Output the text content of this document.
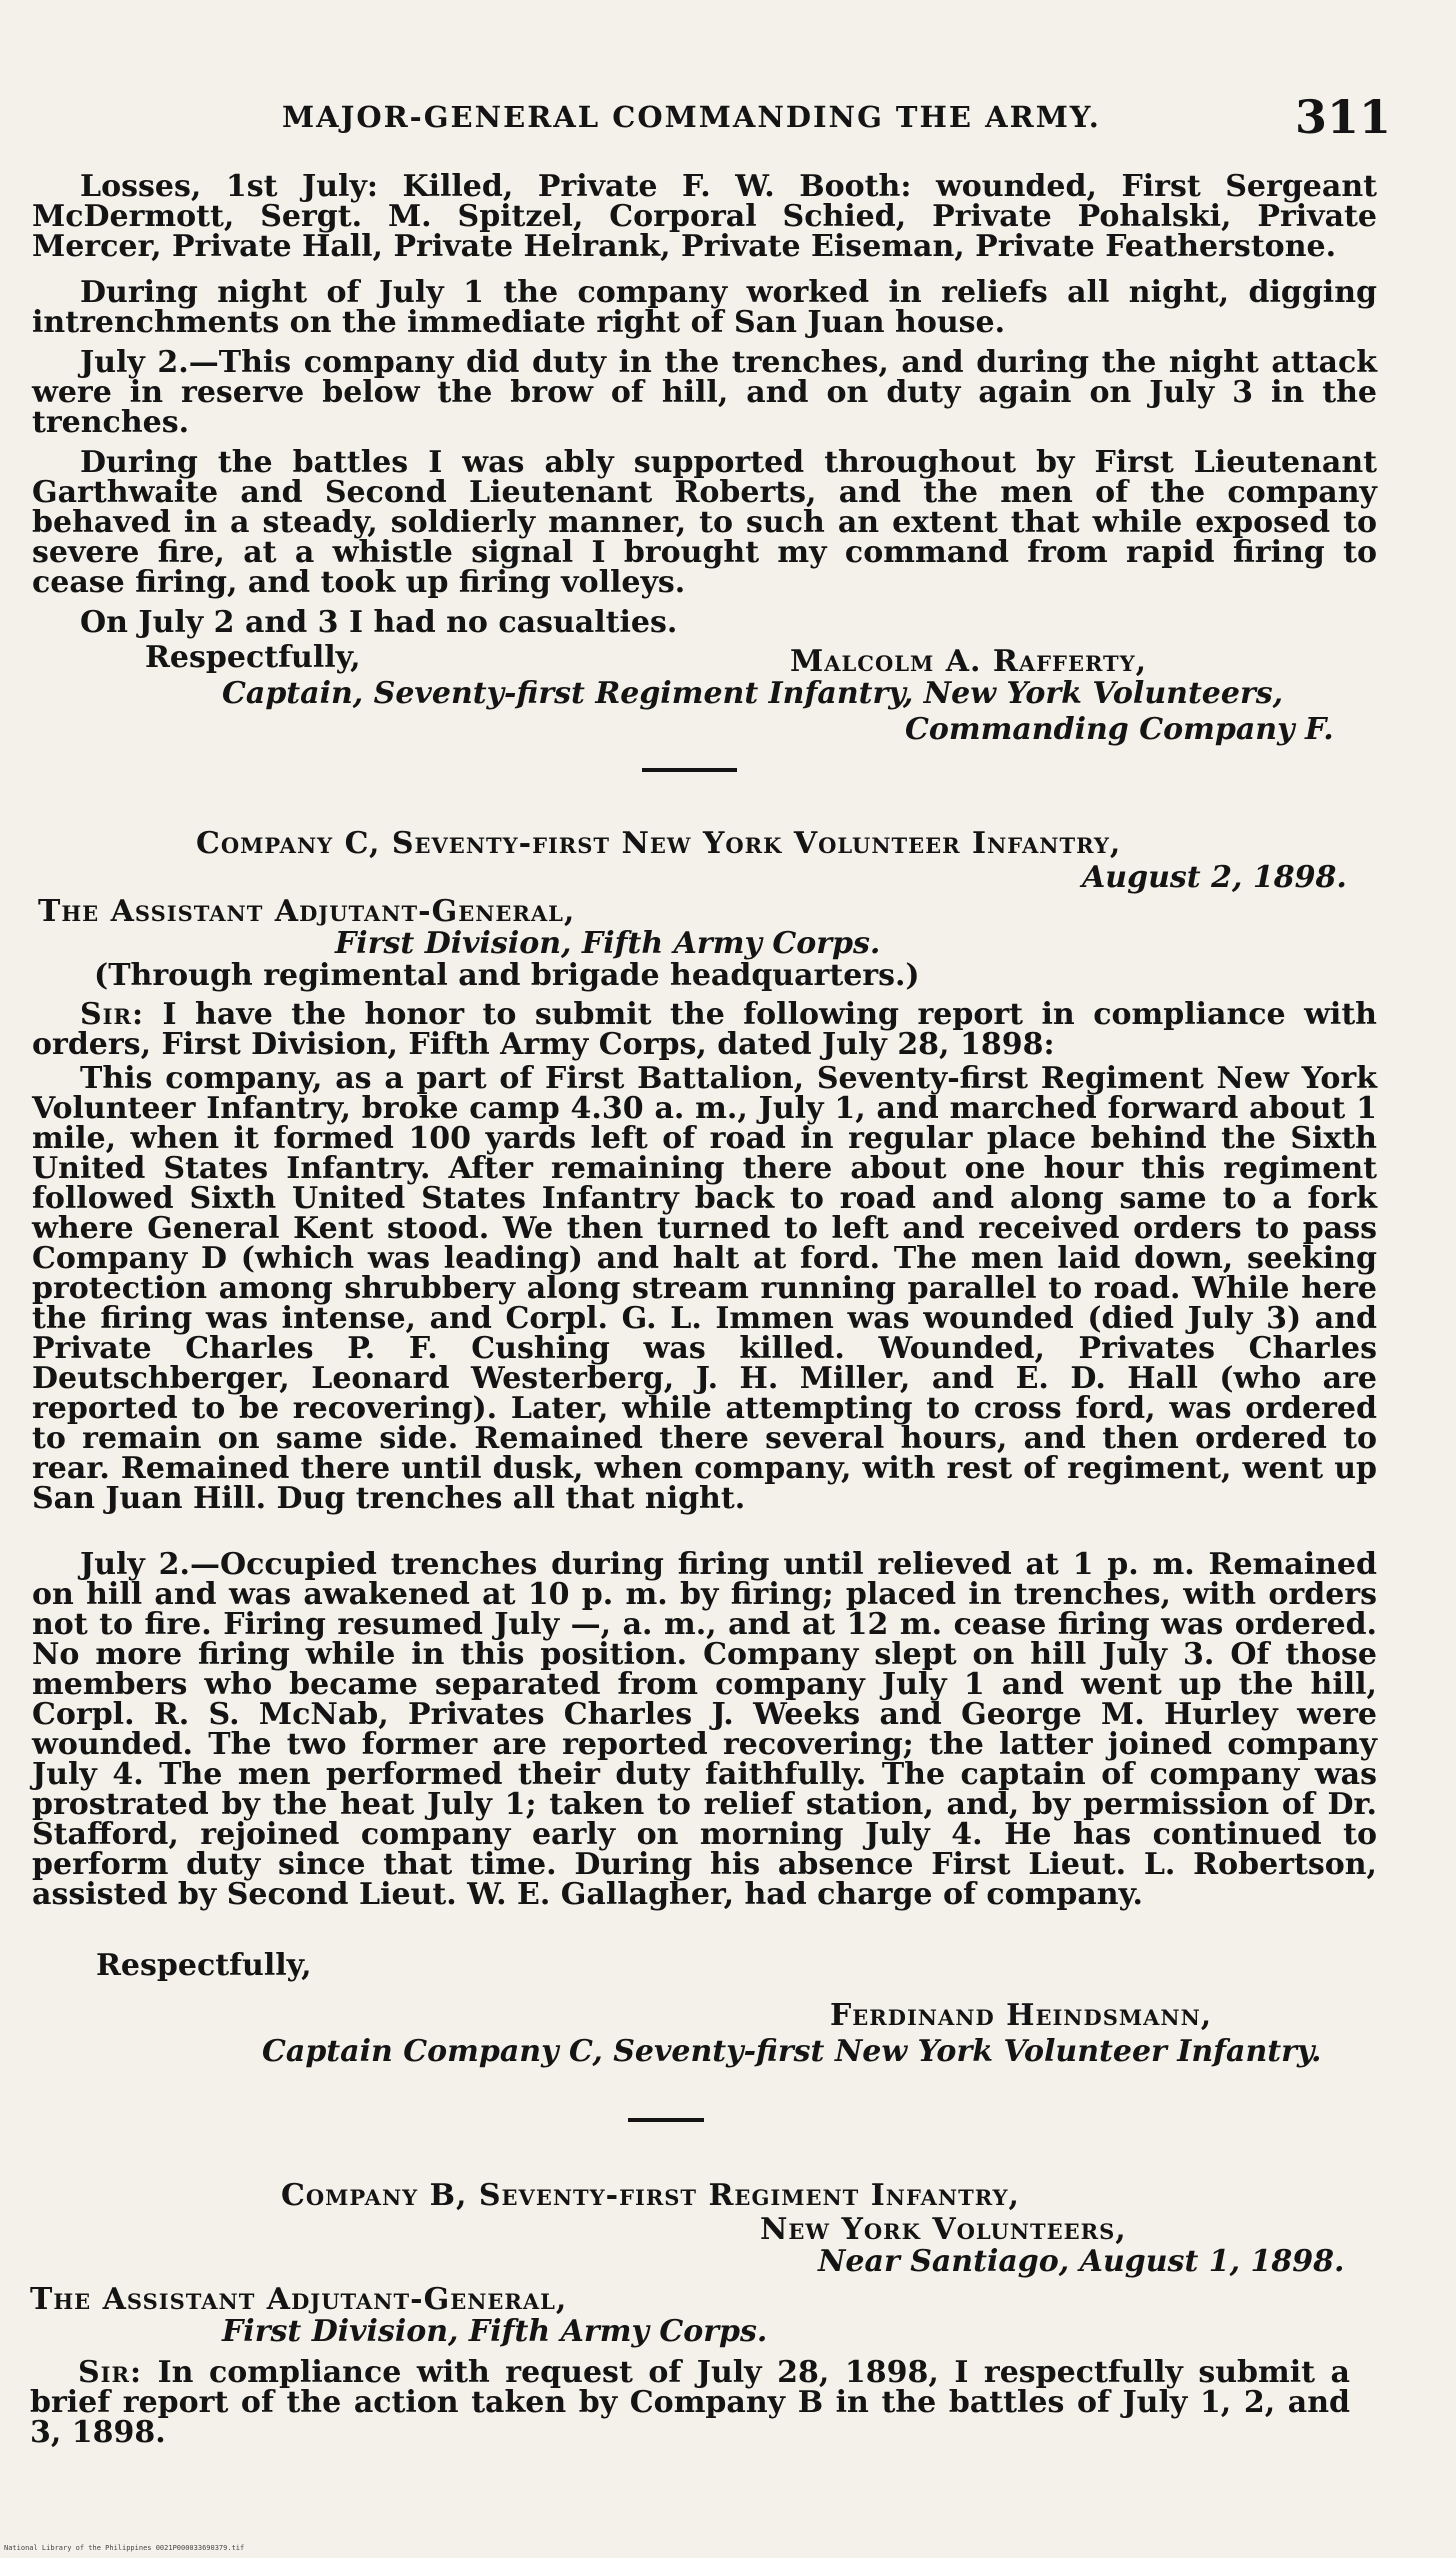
MAJOR-GENERAL COMMANDING THE ARMY.	311

Losses, 1st July: Killed, Private F. W. Booth: wounded, First Sergeant McDermott, Sergt. M. Spitzel, Corporal Schied, Private Pohalski, Private Mercer, Private Hall, Private Helrank, Private Eiseman, Private Featherstone.

During night of July 1 the company worked in reliefs all night, digging intrenchments on the immediate right of San Juan house.

July 2.—This company did duty in the trenches, and during the night attack were in reserve below the brow of hill, and on duty again on July 3 in the trenches.

During the battles I was ably supported throughout by First Lieutenant Garthwaite and Second Lieutenant Roberts, and the men of the company behaved in a steady, soldierly manner, to such an extent that while exposed to severe fire, at a whistle signal I brought my command from rapid firing to cease firing, and took up firing volleys.

On July 2 and 3 I had no casualties.

Respectfully,	Malcolm A. Rafferty,
Captain, Seventy-first Regiment Infantry, New York Volunteers,
Commanding Company F.
Company C, Seventy-first New York Volunteer Infantry,
August 2, 1898.
The Assistant Adjutant-General,
First Division, Fifth Army Corps.
(Through regimental and brigade headquarters.)

Sir: I have the honor to submit the following report in compliance with orders, First Division, Fifth Army Corps, dated July 28, 1898:

This company, as a part of First Battalion, Seventy-first Regiment New York Volunteer Infantry, broke camp 4.30 a. m., July 1, and marched forward about 1 mile, when it formed 100 yards left of road in regular place behind the Sixth United States Infantry. After remaining there about one hour this regiment followed Sixth United States Infantry back to road and along same to a fork where General Kent stood. We then turned to left and received orders to pass Company D (which was leading) and halt at ford. The men laid down, seeking protection among shrubbery along stream running parallel to road. While here the firing was intense, and Corpl. G. L. Immen was wounded (died July 3) and Private Charles P. F. Cushing was killed. Wounded, Privates Charles Deutschberger, Leonard Westerberg, J. H. Miller, and E. D. Hall (who are reported to be recovering). Later, while attempting to cross ford, was ordered to remain on same side. Remained there several hours, and then ordered to rear. Remained there until dusk, when company, with rest of regiment, went up San Juan Hill. Dug trenches all that night.

July 2.—Occupied trenches during firing until relieved at 1 p. m. Remained on hill and was awakened at 10 p. m. by firing; placed in trenches, with orders not to fire. Firing resumed July —, a. m., and at 12 m. cease firing was ordered. No more firing while in this position. Company slept on hill July 3. Of those members who became separated from company July 1 and went up the hill, Corpl. R. S. McNab, Privates Charles J. Weeks and George M. Hurley were wounded. The two former are reported recovering; the latter joined company July 4. The men performed their duty faithfully. The captain of company was prostrated by the heat July 1; taken to relief station, and, by permission of Dr. Stafford, rejoined company early on morning July 4. He has continued to perform duty since that time. During his absence First Lieut. L. Robertson, assisted by Second Lieut. W. E. Gallagher, had charge of company.

Respectfully,
Ferdinand Heindsmann,
Captain Company C, Seventy-first New York Volunteer Infantry.
Company B, Seventy-first Regiment Infantry,
New York Volunteers,
Near Santiago, August 1, 1898.
The Assistant Adjutant-General,
First Division, Fifth Army Corps.

Sir: In compliance with request of July 28, 1898, I respectfully submit a brief report of the action taken by Company B in the battles of July 1, 2, and 3, 1898.

National Library of the Philippines 0021P000033690379.tif
